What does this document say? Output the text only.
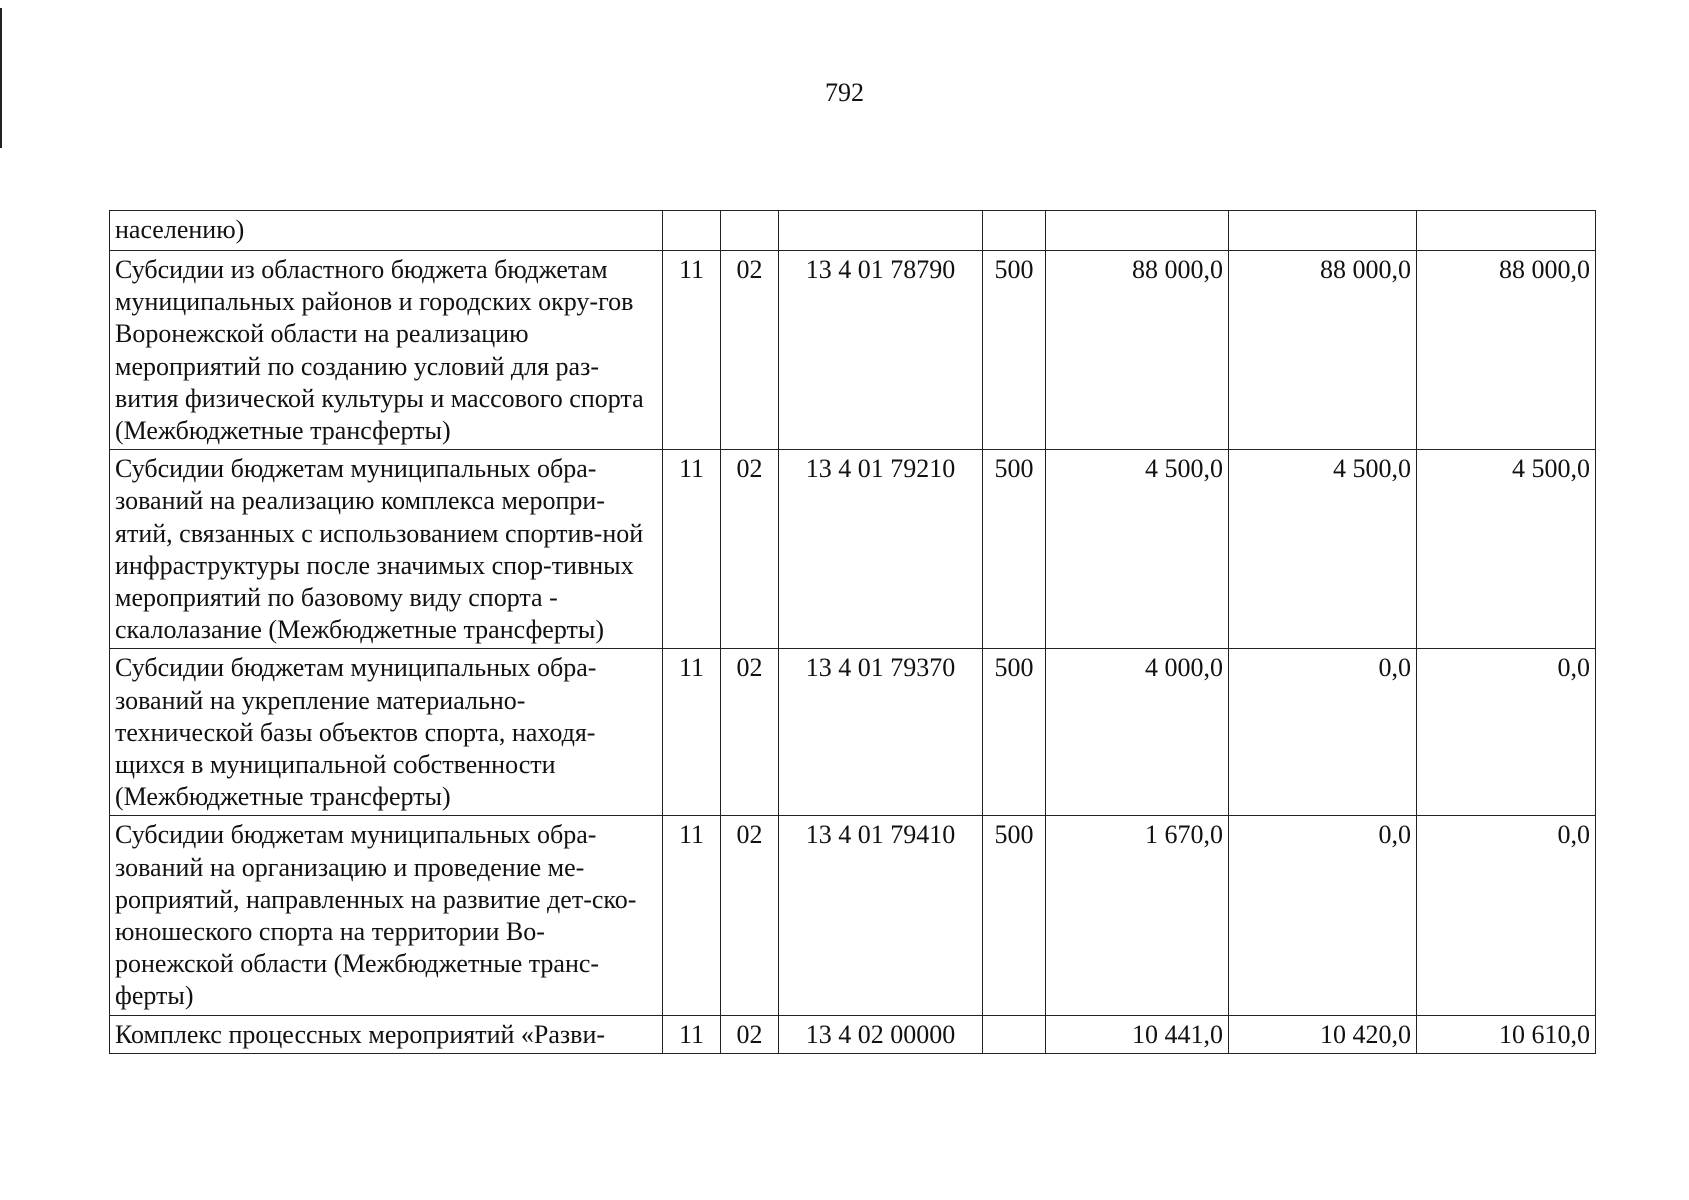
792
населению)							
Субсидии из областного бюджета бюджетам муниципальных районов и городских окру-гов Воронежской области на реализацию мероприятий по созданию условий для раз-вития физической культуры и массового спорта (Межбюджетные трансферты)	11	02	13 4 01 78790	500	88 000,0	88 000,0	88 000,0
Субсидии бюджетам муниципальных обра-зований на реализацию комплекса меропри-ятий, связанных с использованием спортив-ной инфраструктуры после значимых спор-тивных мероприятий по базовому виду спорта - скалолазание (Межбюджетные трансферты)	11	02	13 4 01 79210	500	4 500,0	4 500,0	4 500,0
Субсидии бюджетам муниципальных обра-зований на укрепление материально-технической базы объектов спорта, находя-щихся в муниципальной собственности (Межбюджетные трансферты)	11	02	13 4 01 79370	500	4 000,0	0,0	0,0
Субсидии бюджетам муниципальных обра-зований на организацию и проведение ме-роприятий, направленных на развитие дет-ско-юношеского спорта на территории Во-ронежской области (Межбюджетные транс-ферты)	11	02	13 4 01 79410	500	1 670,0	0,0	0,0
Комплекс процессных мероприятий «Разви-	11	02	13 4 02 00000		10 441,0	10 420,0	10 610,0
